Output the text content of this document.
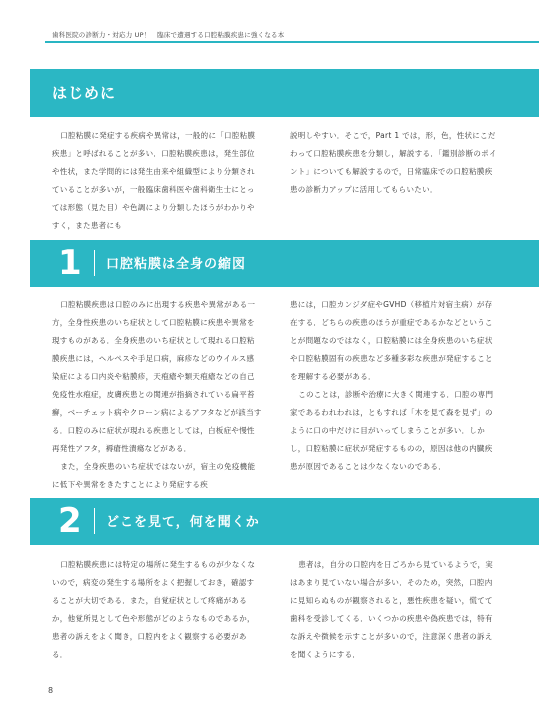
歯科医院の診断力・対応力 UP！　臨床で遭遇する口腔粘膜疾患に強くなる本
はじめに

口腔粘膜に発症する疾病や異常は，一般的に「口腔粘膜疾患」と呼ばれることが多い．口腔粘膜疾患は，発生部位や性状，また学問的には発生由来や組織型により分類されていることが多いが，一般臨床歯科医や歯科衛生士にとっては形態（見た目）や色調により分類したほうがわかりやすく，また患者にも

説明しやすい．そこで，Part 1 では，形，色，性状にこだわって口腔粘膜疾患を分類し，解説する．「鑑別診断のポイント」についても解説するので，日常臨床での口腔粘膜疾患の診断力アップに活用してもらいたい．

1 口腔粘膜は全身の縮図

口腔粘膜疾患は口腔のみに出現する疾患や異常がある一方，全身性疾患のいち症状として口腔粘膜に疾患や異常を現すものがある．全身疾患のいち症状として現れる口腔粘膜疾患には，ヘルペスや手足口病，麻疹などのウイルス感染症による口内炎や粘膜疹，天疱瘡や類天疱瘡などの自己免疫性水疱症，皮膚疾患との関連が指摘されている扁平苔癬，ベーチェット病やクローン病によるアフタなどが該当する．口腔のみに症状が現れる疾患としては，白板症や慢性再発性アフタ，褥瘡性潰瘍などがある．

また，全身疾患のいち症状ではないが，宿主の免疫機能に低下や異常をきたすことにより発症する疾

患には，口腔カンジダ症やGVHD（移植片対宿主病）が存在する．どちらの疾患のほうが重症であるかなどということが問題なのではなく，口腔粘膜には全身疾患のいち症状や口腔粘膜固有の疾患など多種多彩な疾患が発症することを理解する必要がある．

このことは，診断や治療に大きく関連する．口腔の専門家であるわれわれは，ともすれば「木を見て森を見ず」のように口の中だけに目がいってしまうことが多い．しかし，口腔粘膜に症状が発症するものの，原因は他の内臓疾患が原因であることは少なくないのである．

2 どこを見て，何を聞くか

口腔粘膜疾患には特定の場所に発生するものが少なくないので，病変の発生する場所をよく把握しておき，確認することが大切である．また，自覚症状として疼痛があるか，他覚所見として色や形態がどのようなものであるか，患者の訴えをよく聞き，口腔内をよく観察する必要がある．

患者は，自分の口腔内を日ごろから見ているようで，実はあまり見ていない場合が多い．そのため，突然，口腔内に見知らぬものが観察されると，悪性疾患を疑い，慌てて歯科を受診してくる．いくつかの疾患や偽疾患では，特有な訴えや徴候を示すことが多いので，注意深く患者の訴えを聞くようにする．

8
